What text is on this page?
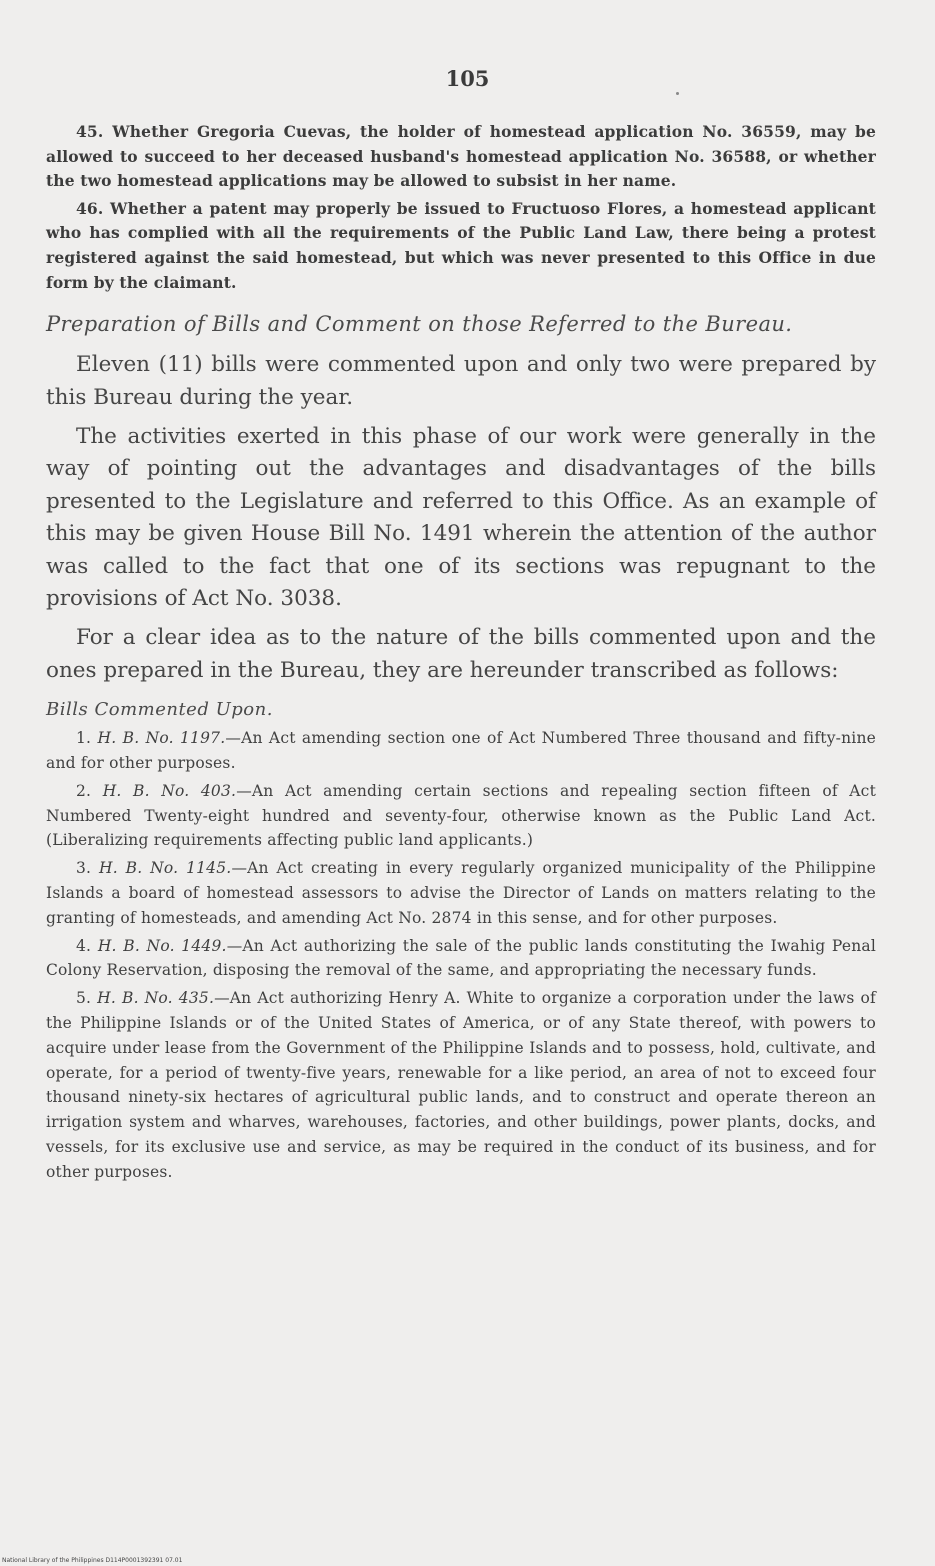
105

45. Whether Gregoria Cuevas, the holder of homestead application No. 36559, may be allowed to succeed to her deceased husband's homestead application No. 36588, or whether the two homestead applications may be allowed to subsist in her name.

46. Whether a patent may properly be issued to Fructuoso Flores, a homestead applicant who has complied with all the requirements of the Public Land Law, there being a protest registered against the said homestead, but which was never presented to this Office in due form by the claimant.

Preparation of Bills and Comment on those Referred to the Bureau.

Eleven (11) bills were commented upon and only two were prepared by this Bureau during the year.

The activities exerted in this phase of our work were generally in the way of pointing out the advantages and disadvantages of the bills presented to the Legislature and referred to this Office. As an example of this may be given House Bill No. 1491 wherein the attention of the author was called to the fact that one of its sections was repugnant to the provisions of Act No. 3038.

For a clear idea as to the nature of the bills commented upon and the ones prepared in the Bureau, they are hereunder transcribed as follows:

Bills Commented Upon.

1. H. B. No. 1197.—An Act amending section one of Act Numbered Three thousand and fifty-nine and for other purposes.

2. H. B. No. 403.—An Act amending certain sections and repealing section fifteen of Act Numbered Twenty-eight hundred and seventy-four, otherwise known as the Public Land Act. (Liberalizing requirements affecting public land applicants.)

3. H. B. No. 1145.—An Act creating in every regularly organized municipality of the Philippine Islands a board of homestead assessors to advise the Director of Lands on matters relating to the granting of homesteads, and amending Act No. 2874 in this sense, and for other purposes.

4. H. B. No. 1449.—An Act authorizing the sale of the public lands constituting the Iwahig Penal Colony Reservation, disposing the removal of the same, and appropriating the necessary funds.

5. H. B. No. 435.—An Act authorizing Henry A. White to organize a corporation under the laws of the Philippine Islands or of the United States of America, or of any State thereof, with powers to acquire under lease from the Government of the Philippine Islands and to possess, hold, cultivate, and operate, for a period of twenty-five years, renewable for a like period, an area of not to exceed four thousand ninety-six hectares of agricultural public lands, and to construct and operate thereon an irrigation system and wharves, warehouses, factories, and other buildings, power plants, docks, and vessels, for its exclusive use and service, as may be required in the conduct of its business, and for other purposes.

National Library of the Philippines D114P0001392391 07.01
